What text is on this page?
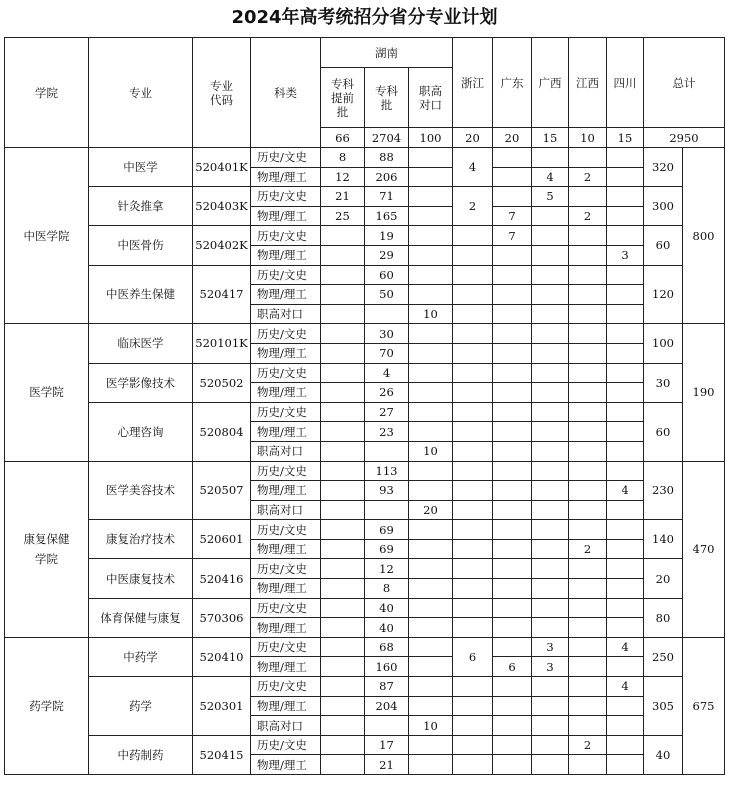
2024年高考统招分省分专业计划
学院	专业	专业代码	科类	湖南			浙江	广东	广西	江西	四川	总计	
				专科提前批	专科批	职高对口							
				66	2704	100	20	20	15	10	15	2950	
中医学院	中医学	520401K	历史/文史	8	88		4					320	800
			物理/理工	12	206				4	2			
	针灸推拿	520403K	历史/文史	21	71		2		5			300	
			物理/理工	25	165			7		2			
	中医骨伤	520402K	历史/文史		19			7				60	
			物理/理工		29						3		
	中医养生保健	520417	历史/文史		60							120	
			物理/理工		50								
			职高对口			10							
医学院	临床医学	520101K	历史/文史		30							100	190
			物理/理工		70								
	医学影像技术	520502	历史/文史		4							30	
			物理/理工		26								
	心理咨询	520804	历史/文史		27							60	
			物理/理工		23								
			职高对口			10							
康复保健学院	医学美容技术	520507	历史/文史		113							230	470
			物理/理工		93						4		
			职高对口			20							
	康复治疗技术	520601	历史/文史		69							140	
			物理/理工		69					2			
	中医康复技术	520416	历史/文史		12							20	
			物理/理工		8								
	体育保健与康复	570306	历史/文史		40							80	
			物理/理工		40								
药学院	中药学	520410	历史/文史		68		6		3		4	250	675
			物理/理工		160			6	3				
	药学	520301	历史/文史		87						4	305	
			物理/理工		204								
			职高对口			10							
	中药制药	520415	历史/文史		17					2		40	
			物理/理工		21								
